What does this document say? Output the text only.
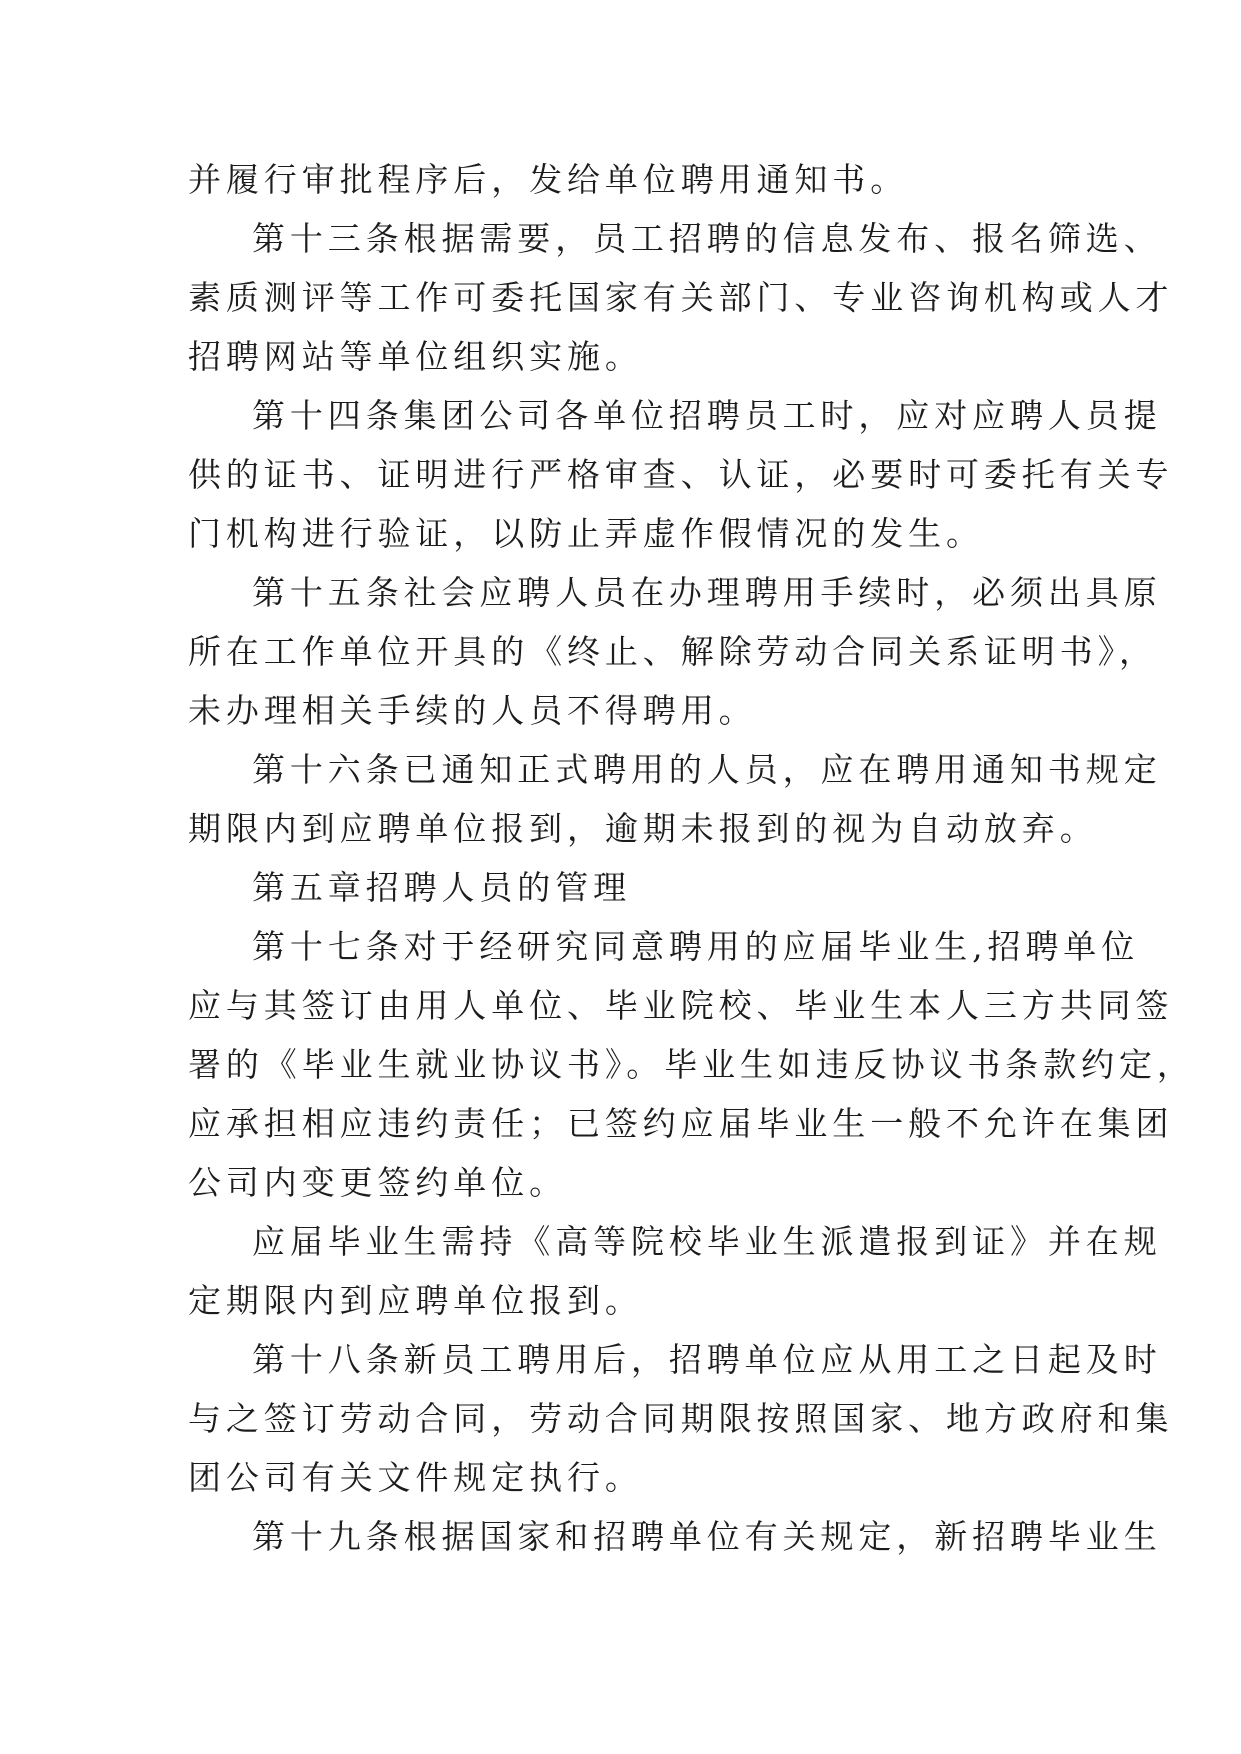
并履行审批程序后，发给单位聘用通知书。
第十三条根据需要，员工招聘的信息发布、报名筛选、
素质测评等工作可委托国家有关部门、专业咨询机构或人才
招聘网站等单位组织实施。
第十四条集团公司各单位招聘员工时，应对应聘人员提
供的证书、证明进行严格审查、认证，必要时可委托有关专
门机构进行验证，以防止弄虚作假情况的发生。
第十五条社会应聘人员在办理聘用手续时，必须出具原
所在工作单位开具的《终止、解除劳动合同关系证明书》，
未办理相关手续的人员不得聘用。
第十六条已通知正式聘用的人员，应在聘用通知书规定
期限内到应聘单位报到，逾期未报到的视为自动放弃。
第五章招聘人员的管理
第十七条对于经研究同意聘用的应届毕业生,招聘单位
应与其签订由用人单位、毕业院校、毕业生本人三方共同签
署的《毕业生就业协议书》。毕业生如违反协议书条款约定，
应承担相应违约责任；已签约应届毕业生一般不允许在集团
公司内变更签约单位。
应届毕业生需持《高等院校毕业生派遣报到证》并在规
定期限内到应聘单位报到。
第十八条新员工聘用后，招聘单位应从用工之日起及时
与之签订劳动合同，劳动合同期限按照国家、地方政府和集
团公司有关文件规定执行。
第十九条根据国家和招聘单位有关规定，新招聘毕业生
